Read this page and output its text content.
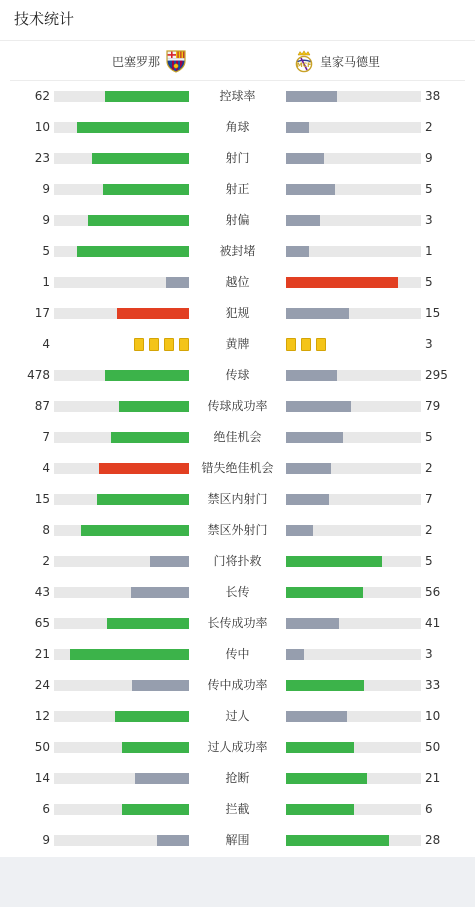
技术统计
巴塞罗那	MCF 皇家马德里
62	控球率	38
10	角球	2
23	射门	9
9	射正	5
9	射偏	3
5	被封堵	1
1	越位	5
17	犯规	15
4	黄牌	3
478	传球	295
87	传球成功率	79
7	绝佳机会	5
4	错失绝佳机会	2
15	禁区内射门	7
8	禁区外射门	2
2	门将扑救	5
43	长传	56
65	长传成功率	41
21	传中	3
24	传中成功率	33
12	过人	10
50	过人成功率	50
14	抢断	21
6	拦截	6
9	解围	28
